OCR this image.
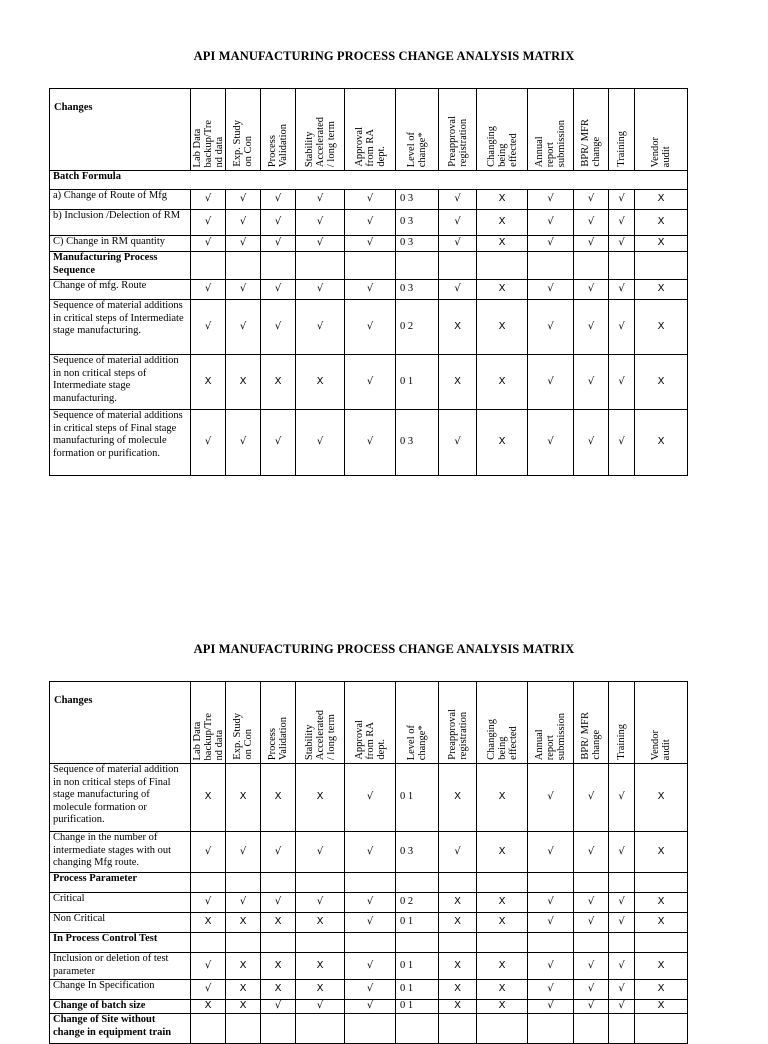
API MANUFACTURING PROCESS CHANGE ANALYSIS MATRIX
Changes	Lab Data
backup/Tre
nd data	Exp. Study
on Con	Process
Validation	Stability
Accelerated
/ long term	Approval
from RA
dept.	Level of
change*	Preapproval
registration	Changing
being
effected	Annual
report
submission	BPR/ MFR
change	Training	Vendor
audit

Batch Formula												
a) Change of Route of Mfg	√	√	√	√	√	0 3	√	X	√	√	√	X
b) Inclusion /Delection of RM	√	√	√	√	√	0 3	√	X	√	√	√	X
C) Change in RM quantity	√	√	√	√	√	0 3	√	X	√	√	√	X
Manufacturing Process Sequence												
Change of mfg. Route	√	√	√	√	√	0 3	√	X	√	√	√	X
Sequence of material additions in critical steps of Intermediate stage manufacturing.	√	√	√	√	√	0 2	X	X	√	√	√	X
Sequence of material addition in non critical steps of Intermediate stage manufacturing.	X	X	X	X	√	0 1	X	X	√	√	√	X
Sequence of material additions in critical steps of Final stage manufacturing of molecule formation or purification.	√	√	√	√	√	0 3	√	X	√	√	√	X
API MANUFACTURING PROCESS CHANGE ANALYSIS MATRIX
Changes	Lab Data
backup/Tre
nd data	Exp. Study
on Con	Process
Validation	Stability
Accelerated
/ long term	Approval
from RA
dept.	Level of
change*	Preapproval
registration	Changing
being
effected	Annual
report
submission	BPR/ MFR
change	Training	Vendor
audit

Sequence of material addition in non critical steps of Final stage manufacturing of molecule formation or purification.	X	X	X	X	√	0 1	X	X	√	√	√	X
Change in the number of intermediate stages with out changing Mfg route.	√	√	√	√	√	0 3	√	X	√	√	√	X
Process Parameter												
Critical	√	√	√	√	√	0 2	X	X	√	√	√	X
Non Critical	X	X	X	X	√	0 1	X	X	√	√	√	X
In Process Control Test												
Inclusion or deletion of test parameter	√	X	X	X	√	0 1	X	X	√	√	√	X
Change In Specification	√	X	X	X	√	0 1	X	X	√	√	√	X
Change of batch size	X	X	√	√	√	0 1	X	X	√	√	√	X
Change of Site without change in equipment train												
